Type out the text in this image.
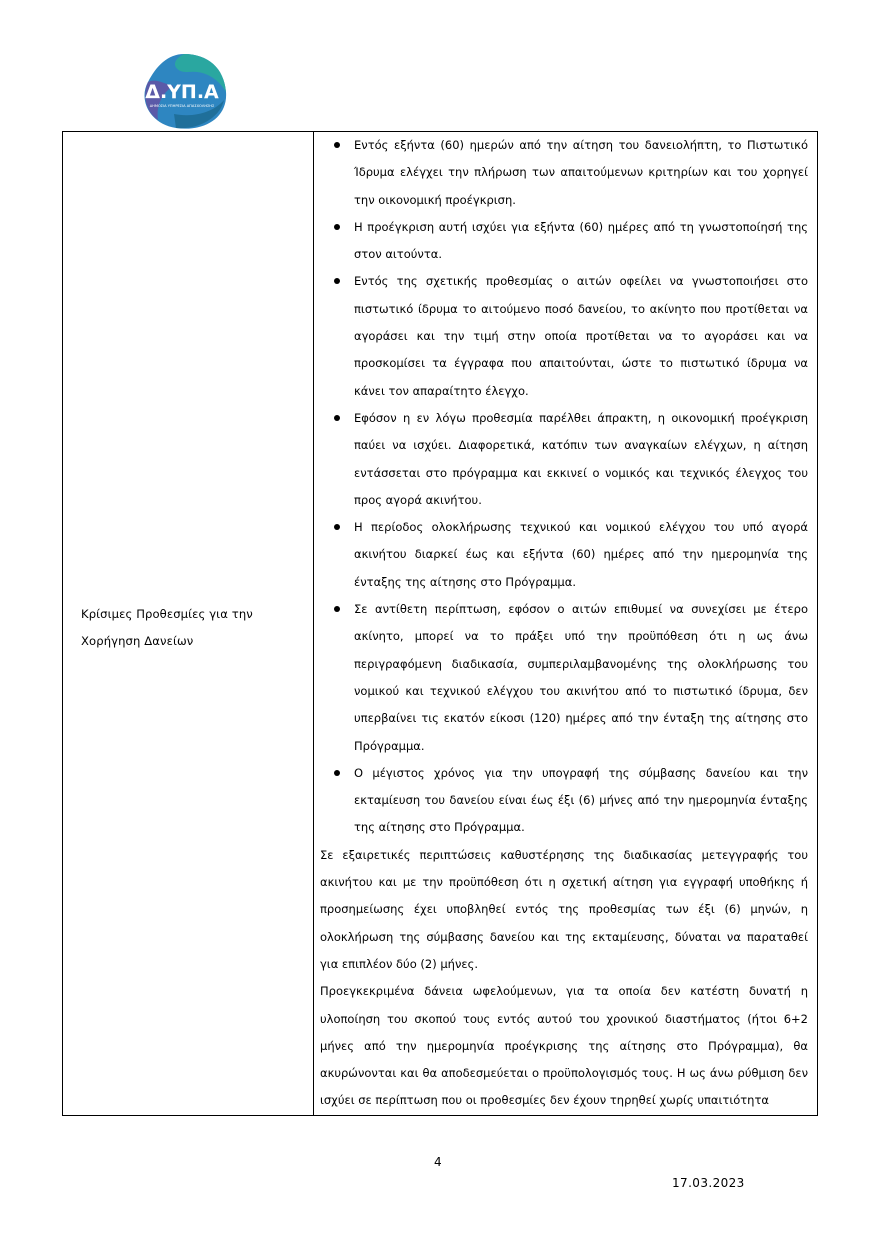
Δ.ΥΠ.Α
ΔΗΜΟΣΙΑ ΥΠΗΡΕΣΙΑ ΑΠΑΣΧΟΛΗΣΗΣ

Κρίσιμες Προθεσμίες για την Χορήγηση Δανείων

Εντός εξήντα (60) ημερών από την αίτηση του δανειολήπτη, το Πιστωτικό Ίδρυμα ελέγχει την πλήρωση των απαιτούμενων κριτηρίων και του χορηγεί την οικονομική προέγκριση.
Η προέγκριση αυτή ισχύει για εξήντα (60) ημέρες από τη γνωστοποίησή της στον αιτούντα.
Εντός της σχετικής προθεσμίας ο αιτών οφείλει να γνωστοποιήσει στο πιστωτικό ίδρυμα το αιτούμενο ποσό δανείου, το ακίνητο που προτίθεται να αγοράσει και την τιμή στην οποία προτίθεται να το αγοράσει και να προσκομίσει τα έγγραφα που απαιτούνται, ώστε το πιστωτικό ίδρυμα να κάνει τον απαραίτητο έλεγχο.
Εφόσον η εν λόγω προθεσμία παρέλθει άπρακτη, η οικονομική προέγκριση παύει να ισχύει. Διαφορετικά, κατόπιν των αναγκαίων ελέγχων, η αίτηση εντάσσεται στο πρόγραμμα και εκκινεί ο νομικός και τεχνικός έλεγχος του προς αγορά ακινήτου.
Η περίοδος ολοκλήρωσης τεχνικού και νομικού ελέγχου του υπό αγορά ακινήτου διαρκεί έως και εξήντα (60) ημέρες από την ημερομηνία της ένταξης της αίτησης στο Πρόγραμμα.
Σε αντίθετη περίπτωση, εφόσον ο αιτών επιθυμεί να συνεχίσει με έτερο ακίνητο, μπορεί να το πράξει υπό την προϋπόθεση ότι η ως άνω περιγραφόμενη διαδικασία, συμπεριλαμβανομένης της ολοκλήρωσης του νομικού και τεχνικού ελέγχου του ακινήτου από το πιστωτικό ίδρυμα, δεν υπερβαίνει τις εκατόν είκοσι (120) ημέρες από την ένταξη της αίτησης στο Πρόγραμμα.
Ο μέγιστος χρόνος για την υπογραφή της σύμβασης δανείου και την εκταμίευση του δανείου είναι έως έξι (6) μήνες από την ημερομηνία ένταξης της αίτησης στο Πρόγραμμα.

Σε εξαιρετικές περιπτώσεις καθυστέρησης της διαδικασίας μετεγγραφής του ακινήτου και με την προϋπόθεση ότι η σχετική αίτηση για εγγραφή υποθήκης ή προσημείωσης έχει υποβληθεί εντός της προθεσμίας των έξι (6) μηνών, η ολοκλήρωση της σύμβασης δανείου και της εκταμίευσης, δύναται να παραταθεί για επιπλέον δύο (2) μήνες.

Προεγκεκριμένα δάνεια ωφελούμενων, για τα οποία δεν κατέστη δυνατή η υλοποίηση του σκοπού τους εντός αυτού του χρονικού διαστήματος (ήτοι 6+2 μήνες από την ημερομηνία προέγκρισης της αίτησης στο Πρόγραμμα), θα ακυρώνονται και θα αποδεσμεύεται ο προϋπολογισμός τους. Η ως άνω ρύθμιση δεν ισχύει σε περίπτωση που οι προθεσμίες δεν έχουν τηρηθεί χωρίς υπαιτιότητα

4
17.03.2023
